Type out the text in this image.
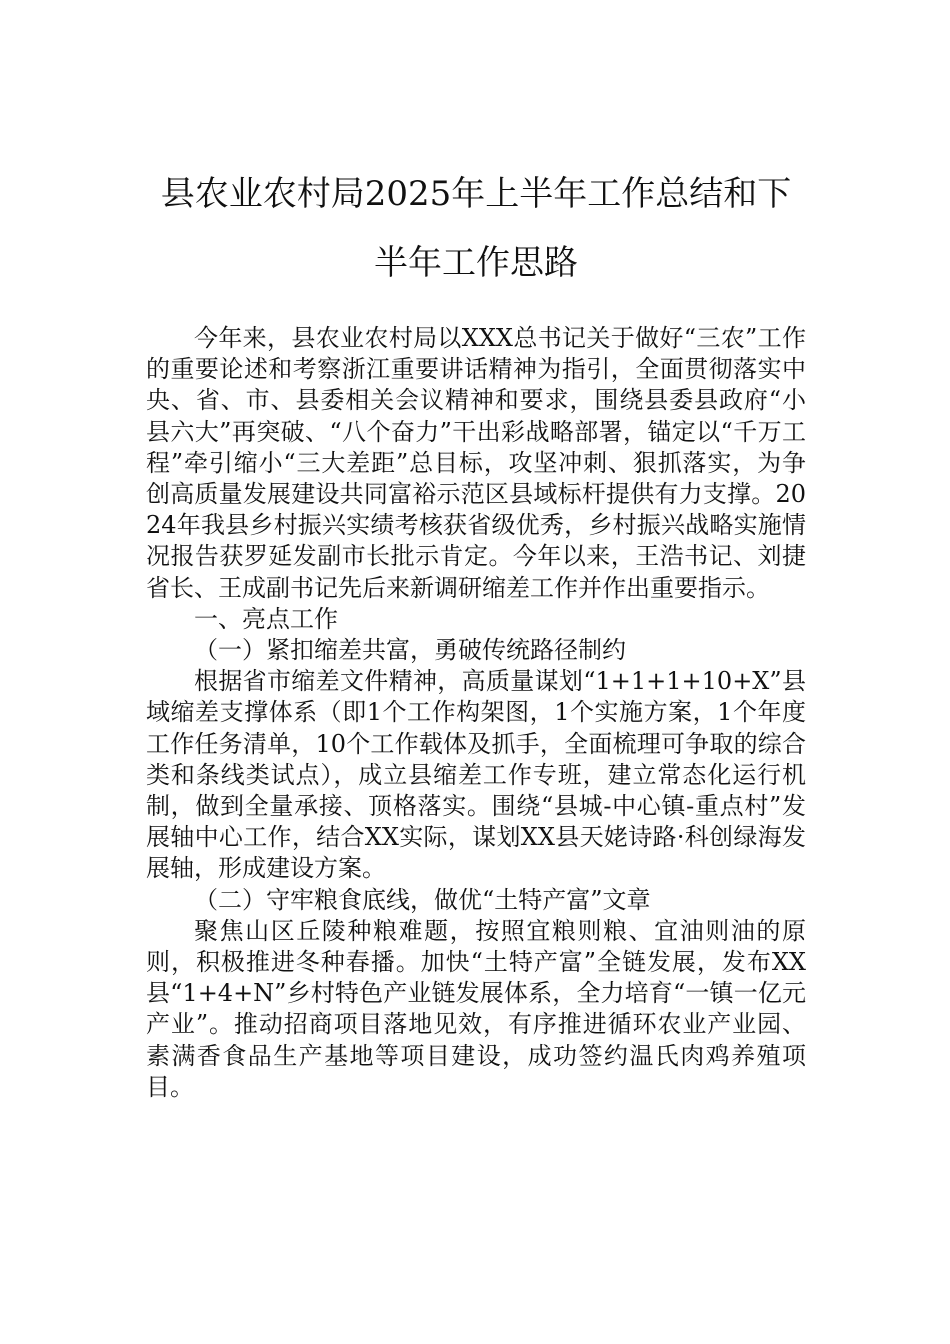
县农业农村局2025年上半年工作总结和下
半年工作思路

今年来，县农业农村局以XXX总书记关于做好“三农”工作的重要论述和考察浙江重要讲话精神为指引，全面贯彻落实中央、省、市、县委相关会议精神和要求，围绕县委县政府“小县六大”再突破、“八个奋力”干出彩战略部署，锚定以“千万工程”牵引缩小“三大差距”总目标，攻坚冲刺、狠抓落实，为争创高质量发展建设共同富裕示范区县域标杆提供有力支撑。2024年我县乡村振兴实绩考核获省级优秀，乡村振兴战略实施情况报告获罗延发副市长批示肯定。今年以来，王浩书记、刘捷省长、王成副书记先后来新调研缩差工作并作出重要指示。

一、亮点工作

（一）紧扣缩差共富，勇破传统路径制约

根据省市缩差文件精神，高质量谋划“1+1+1+10+X”县域缩差支撑体系（即1个工作构架图，1个实施方案，1个年度工作任务清单，10个工作载体及抓手，全面梳理可争取的综合类和条线类试点），成立县缩差工作专班，建立常态化运行机制，做到全量承接、顶格落实。围绕“县城-中心镇-重点村”发展轴中心工作，结合XX实际，谋划XX县天姥诗路·科创绿海发展轴，形成建设方案。

（二）守牢粮食底线，做优“土特产富”文章

聚焦山区丘陵种粮难题，按照宜粮则粮、宜油则油的原则，积极推进冬种春播。加快“土特产富”全链发展，发布XX县“1+4+N”乡村特色产业链发展体系，全力培育“一镇一亿元产业”。推动招商项目落地见效，有序推进循环农业产业园、素满香食品生产基地等项目建设，成功签约温氏肉鸡养殖项目。
